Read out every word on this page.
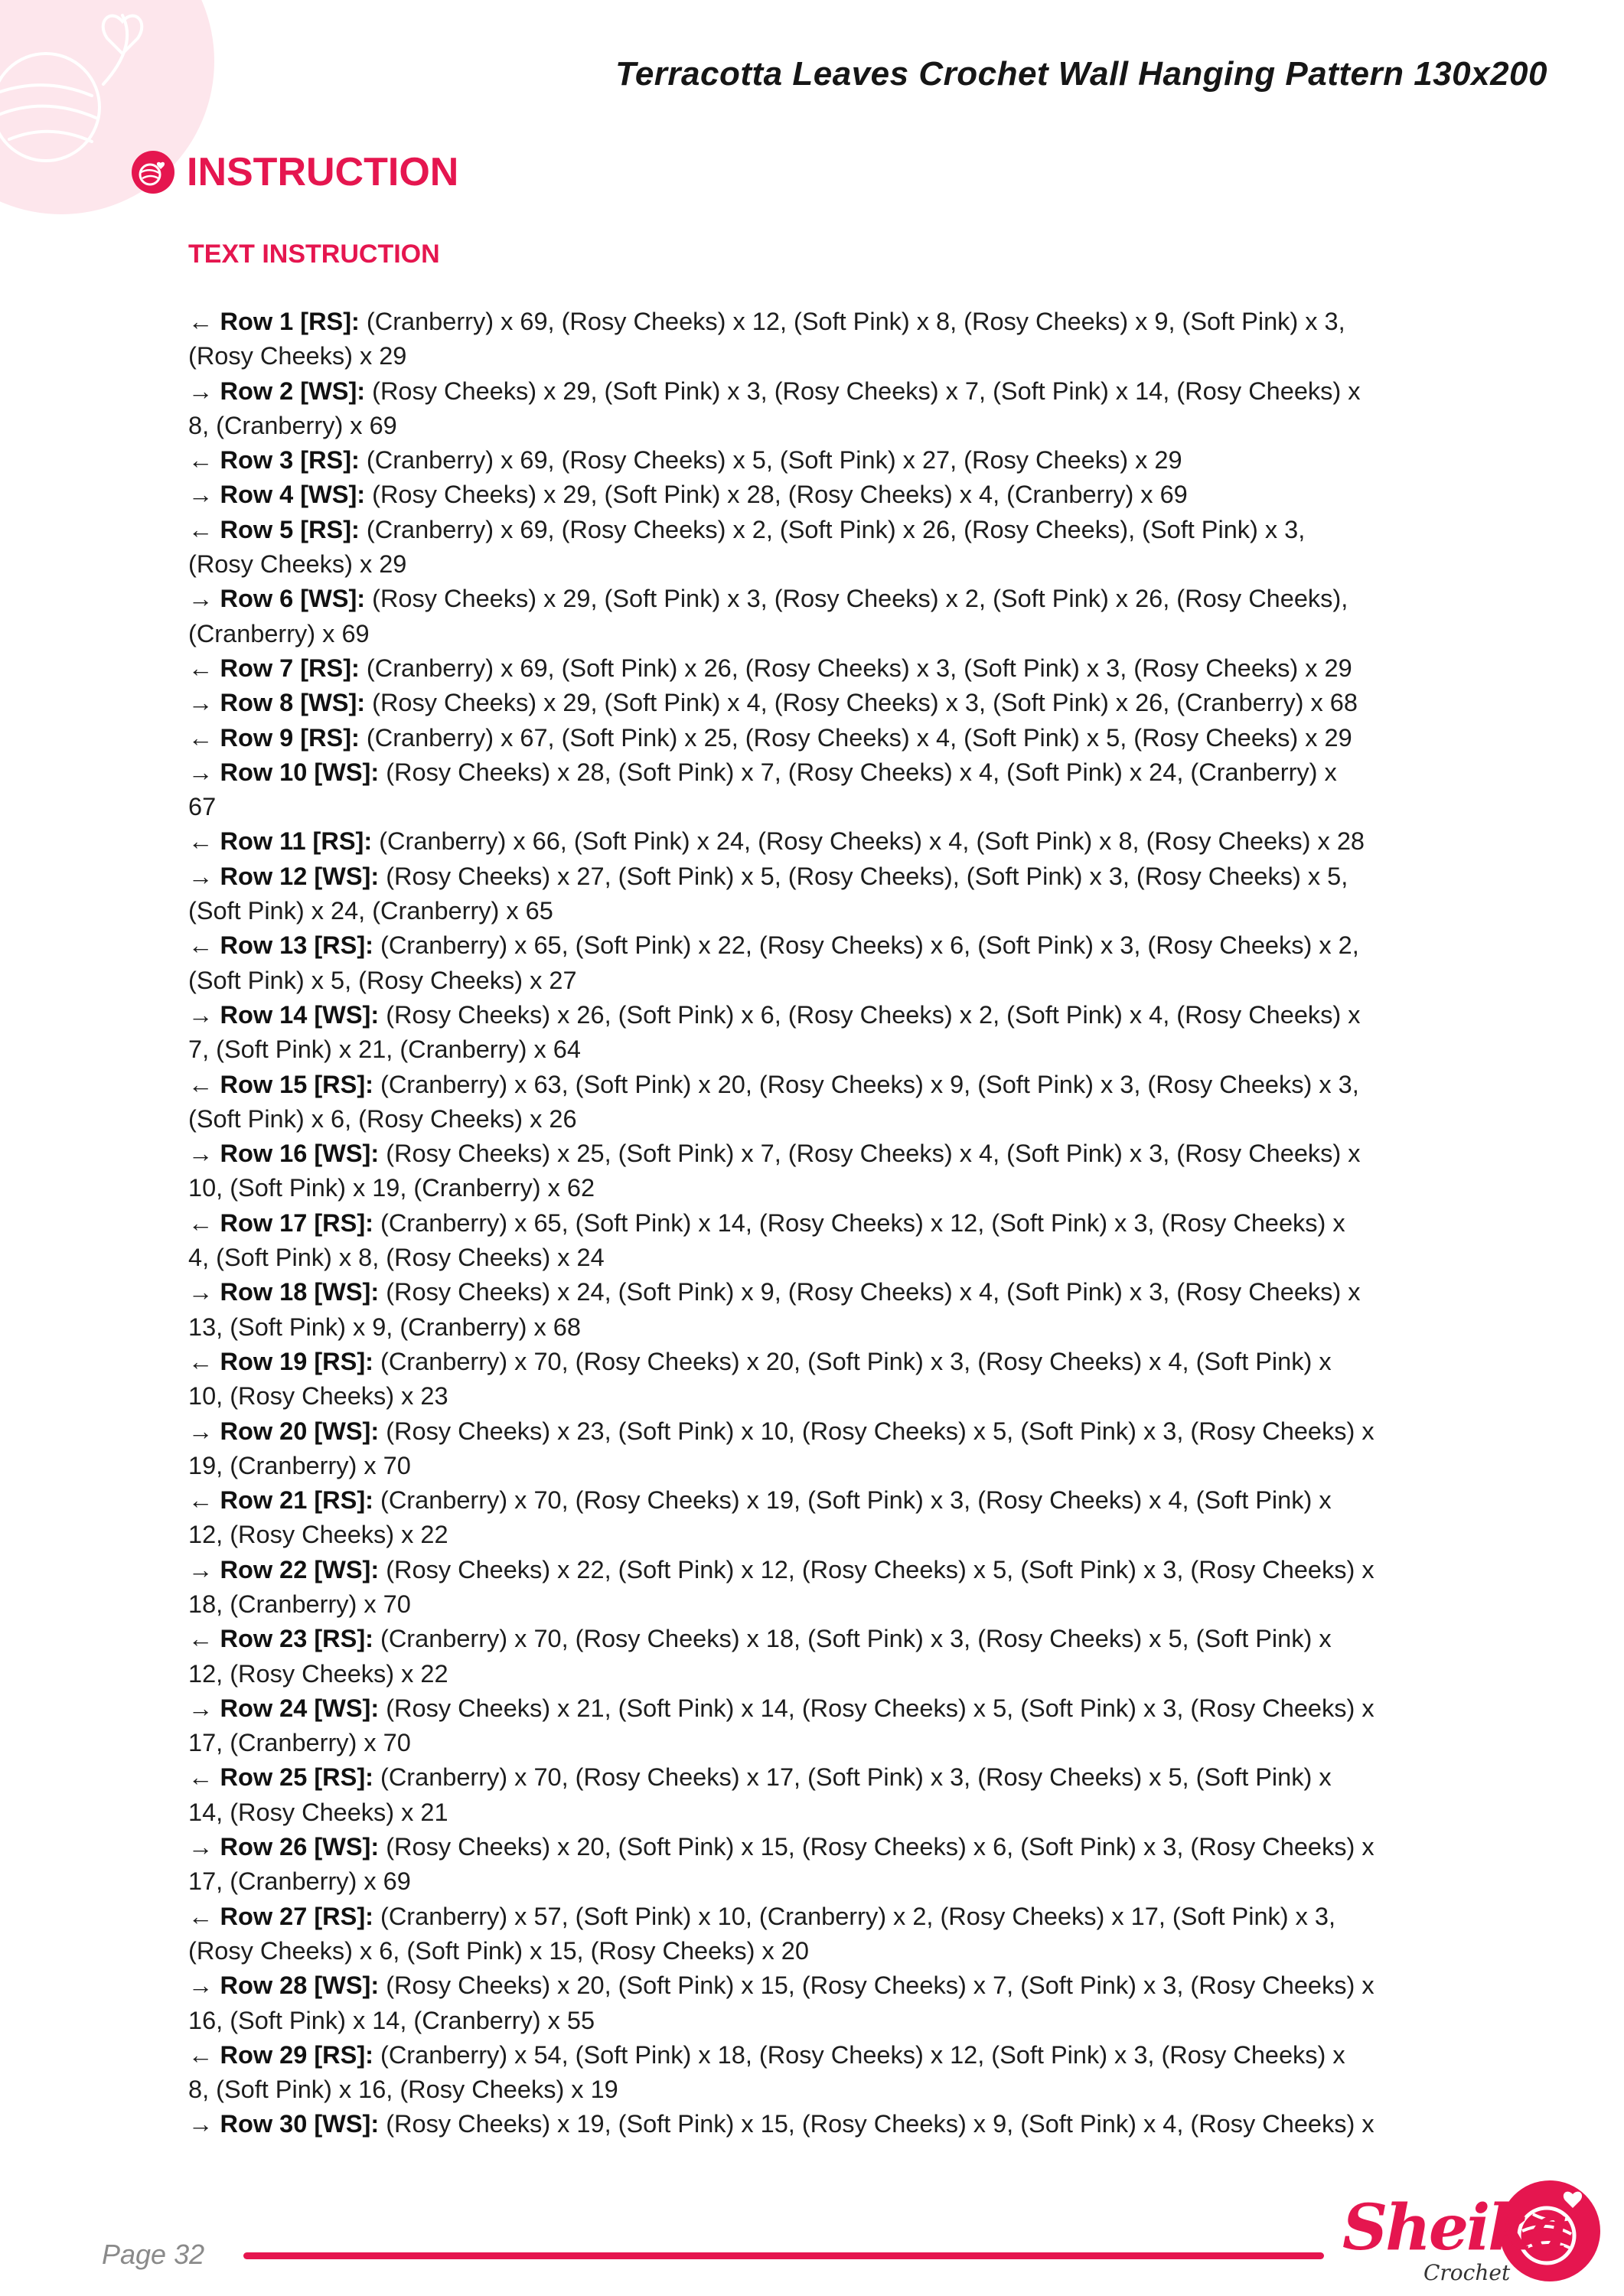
Terracotta Leaves Crochet Wall Hanging Pattern 130x200
INSTRUCTION
TEXT INSTRUCTION

← Row 1 [RS]: (Cranberry) x 69, (Rosy Cheeks) x 12, (Soft Pink) x 8, (Rosy Cheeks) x 9, (Soft Pink) x 3,

(Rosy Cheeks) x 29

→ Row 2 [WS]: (Rosy Cheeks) x 29, (Soft Pink) x 3, (Rosy Cheeks) x 7, (Soft Pink) x 14, (Rosy Cheeks) x

8, (Cranberry) x 69

← Row 3 [RS]: (Cranberry) x 69, (Rosy Cheeks) x 5, (Soft Pink) x 27, (Rosy Cheeks) x 29

→ Row 4 [WS]: (Rosy Cheeks) x 29, (Soft Pink) x 28, (Rosy Cheeks) x 4, (Cranberry) x 69

← Row 5 [RS]: (Cranberry) x 69, (Rosy Cheeks) x 2, (Soft Pink) x 26, (Rosy Cheeks), (Soft Pink) x 3,

(Rosy Cheeks) x 29

→ Row 6 [WS]: (Rosy Cheeks) x 29, (Soft Pink) x 3, (Rosy Cheeks) x 2, (Soft Pink) x 26, (Rosy Cheeks),

(Cranberry) x 69

← Row 7 [RS]: (Cranberry) x 69, (Soft Pink) x 26, (Rosy Cheeks) x 3, (Soft Pink) x 3, (Rosy Cheeks) x 29

→ Row 8 [WS]: (Rosy Cheeks) x 29, (Soft Pink) x 4, (Rosy Cheeks) x 3, (Soft Pink) x 26, (Cranberry) x 68

← Row 9 [RS]: (Cranberry) x 67, (Soft Pink) x 25, (Rosy Cheeks) x 4, (Soft Pink) x 5, (Rosy Cheeks) x 29

→ Row 10 [WS]: (Rosy Cheeks) x 28, (Soft Pink) x 7, (Rosy Cheeks) x 4, (Soft Pink) x 24, (Cranberry) x

67

← Row 11 [RS]: (Cranberry) x 66, (Soft Pink) x 24, (Rosy Cheeks) x 4, (Soft Pink) x 8, (Rosy Cheeks) x 28

→ Row 12 [WS]: (Rosy Cheeks) x 27, (Soft Pink) x 5, (Rosy Cheeks), (Soft Pink) x 3, (Rosy Cheeks) x 5,

(Soft Pink) x 24, (Cranberry) x 65

← Row 13 [RS]: (Cranberry) x 65, (Soft Pink) x 22, (Rosy Cheeks) x 6, (Soft Pink) x 3, (Rosy Cheeks) x 2,

(Soft Pink) x 5, (Rosy Cheeks) x 27

→ Row 14 [WS]: (Rosy Cheeks) x 26, (Soft Pink) x 6, (Rosy Cheeks) x 2, (Soft Pink) x 4, (Rosy Cheeks) x

7, (Soft Pink) x 21, (Cranberry) x 64

← Row 15 [RS]: (Cranberry) x 63, (Soft Pink) x 20, (Rosy Cheeks) x 9, (Soft Pink) x 3, (Rosy Cheeks) x 3,

(Soft Pink) x 6, (Rosy Cheeks) x 26

→ Row 16 [WS]: (Rosy Cheeks) x 25, (Soft Pink) x 7, (Rosy Cheeks) x 4, (Soft Pink) x 3, (Rosy Cheeks) x

10, (Soft Pink) x 19, (Cranberry) x 62

← Row 17 [RS]: (Cranberry) x 65, (Soft Pink) x 14, (Rosy Cheeks) x 12, (Soft Pink) x 3, (Rosy Cheeks) x

4, (Soft Pink) x 8, (Rosy Cheeks) x 24

→ Row 18 [WS]: (Rosy Cheeks) x 24, (Soft Pink) x 9, (Rosy Cheeks) x 4, (Soft Pink) x 3, (Rosy Cheeks) x

13, (Soft Pink) x 9, (Cranberry) x 68

← Row 19 [RS]: (Cranberry) x 70, (Rosy Cheeks) x 20, (Soft Pink) x 3, (Rosy Cheeks) x 4, (Soft Pink) x

10, (Rosy Cheeks) x 23

→ Row 20 [WS]: (Rosy Cheeks) x 23, (Soft Pink) x 10, (Rosy Cheeks) x 5, (Soft Pink) x 3, (Rosy Cheeks) x

19, (Cranberry) x 70

← Row 21 [RS]: (Cranberry) x 70, (Rosy Cheeks) x 19, (Soft Pink) x 3, (Rosy Cheeks) x 4, (Soft Pink) x

12, (Rosy Cheeks) x 22

→ Row 22 [WS]: (Rosy Cheeks) x 22, (Soft Pink) x 12, (Rosy Cheeks) x 5, (Soft Pink) x 3, (Rosy Cheeks) x

18, (Cranberry) x 70

← Row 23 [RS]: (Cranberry) x 70, (Rosy Cheeks) x 18, (Soft Pink) x 3, (Rosy Cheeks) x 5, (Soft Pink) x

12, (Rosy Cheeks) x 22

→ Row 24 [WS]: (Rosy Cheeks) x 21, (Soft Pink) x 14, (Rosy Cheeks) x 5, (Soft Pink) x 3, (Rosy Cheeks) x

17, (Cranberry) x 70

← Row 25 [RS]: (Cranberry) x 70, (Rosy Cheeks) x 17, (Soft Pink) x 3, (Rosy Cheeks) x 5, (Soft Pink) x

14, (Rosy Cheeks) x 21

→ Row 26 [WS]: (Rosy Cheeks) x 20, (Soft Pink) x 15, (Rosy Cheeks) x 6, (Soft Pink) x 3, (Rosy Cheeks) x

17, (Cranberry) x 69

← Row 27 [RS]: (Cranberry) x 57, (Soft Pink) x 10, (Cranberry) x 2, (Rosy Cheeks) x 17, (Soft Pink) x 3,

(Rosy Cheeks) x 6, (Soft Pink) x 15, (Rosy Cheeks) x 20

→ Row 28 [WS]: (Rosy Cheeks) x 20, (Soft Pink) x 15, (Rosy Cheeks) x 7, (Soft Pink) x 3, (Rosy Cheeks) x

16, (Soft Pink) x 14, (Cranberry) x 55

← Row 29 [RS]: (Cranberry) x 54, (Soft Pink) x 18, (Rosy Cheeks) x 12, (Soft Pink) x 3, (Rosy Cheeks) x

8, (Soft Pink) x 16, (Rosy Cheeks) x 19

→ Row 30 [WS]: (Rosy Cheeks) x 19, (Soft Pink) x 15, (Rosy Cheeks) x 9, (Soft Pink) x 4, (Rosy Cheeks) x

Page 32	Sheika
Crochet
